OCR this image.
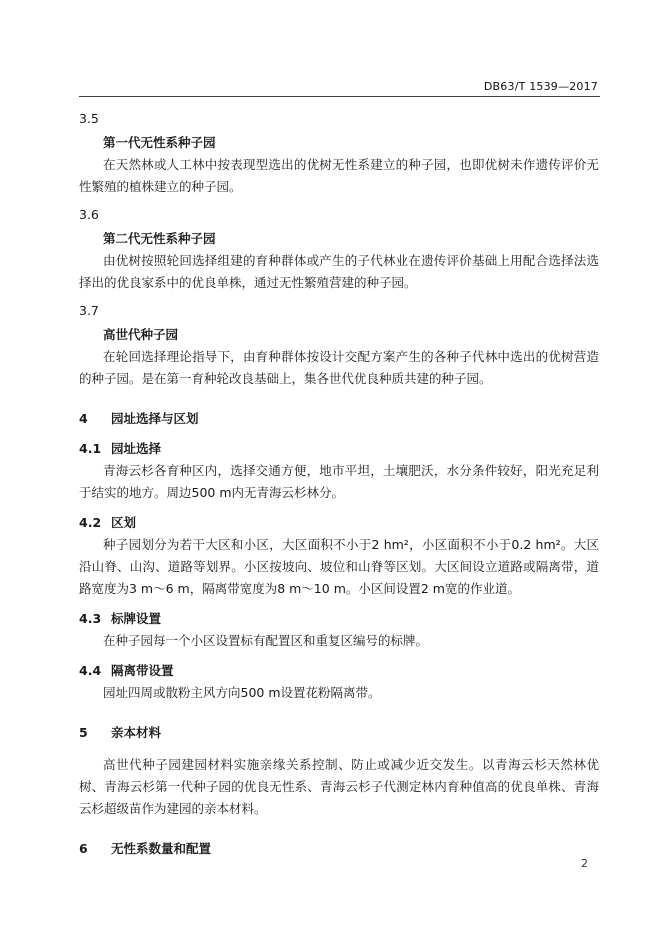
DB63/T 1539—2017
3.5
第一代无性系种子园
在天然林或人工林中按表现型选出的优树无性系建立的种子园，也即优树未作遗传评价无性繁殖的植株建立的种子园。
3.6
第二代无性系种子园
由优树按照轮回选择组建的育种群体或产生的子代林业在遗传评价基础上用配合选择法选择出的优良家系中的优良单株，通过无性繁殖营建的种子园。
3.7
高世代种子园
在轮回选择理论指导下，由育种群体按设计交配方案产生的各种子代林中选出的优树营造的种子园。是在第一育种轮改良基础上，集各世代优良种质共建的种子园。
4 园址选择与区划
4.1 园址选择
青海云杉各育种区内，选择交通方便，地市平坦，土壤肥沃，水分条件较好，阳光充足利于结实的地方。周边500 m内无青海云杉林分。
4.2 区划
种子园划分为若干大区和小区，大区面积不小于2 hm²，小区面积不小于0.2 hm²。大区沿山脊、山沟、道路等划界。小区按坡向、坡位和山脊等区划。大区间设立道路或隔离带，道路宽度为3 m～6 m，隔离带宽度为8 m～10 m。小区间设置2 m宽的作业道。
4.3 标牌设置
在种子园每一个小区设置标有配置区和重复区编号的标牌。
4.4 隔离带设置
园址四周或散粉主风方向500 m设置花粉隔离带。
5 亲本材料
高世代种子园建园材料实施亲缘关系控制、防止或减少近交发生。以青海云杉天然林优树、青海云杉第一代种子园的优良无性系、青海云杉子代测定林内育种值高的优良单株、青海云杉超级苗作为建园的亲本材料。
6 无性系数量和配置
2
